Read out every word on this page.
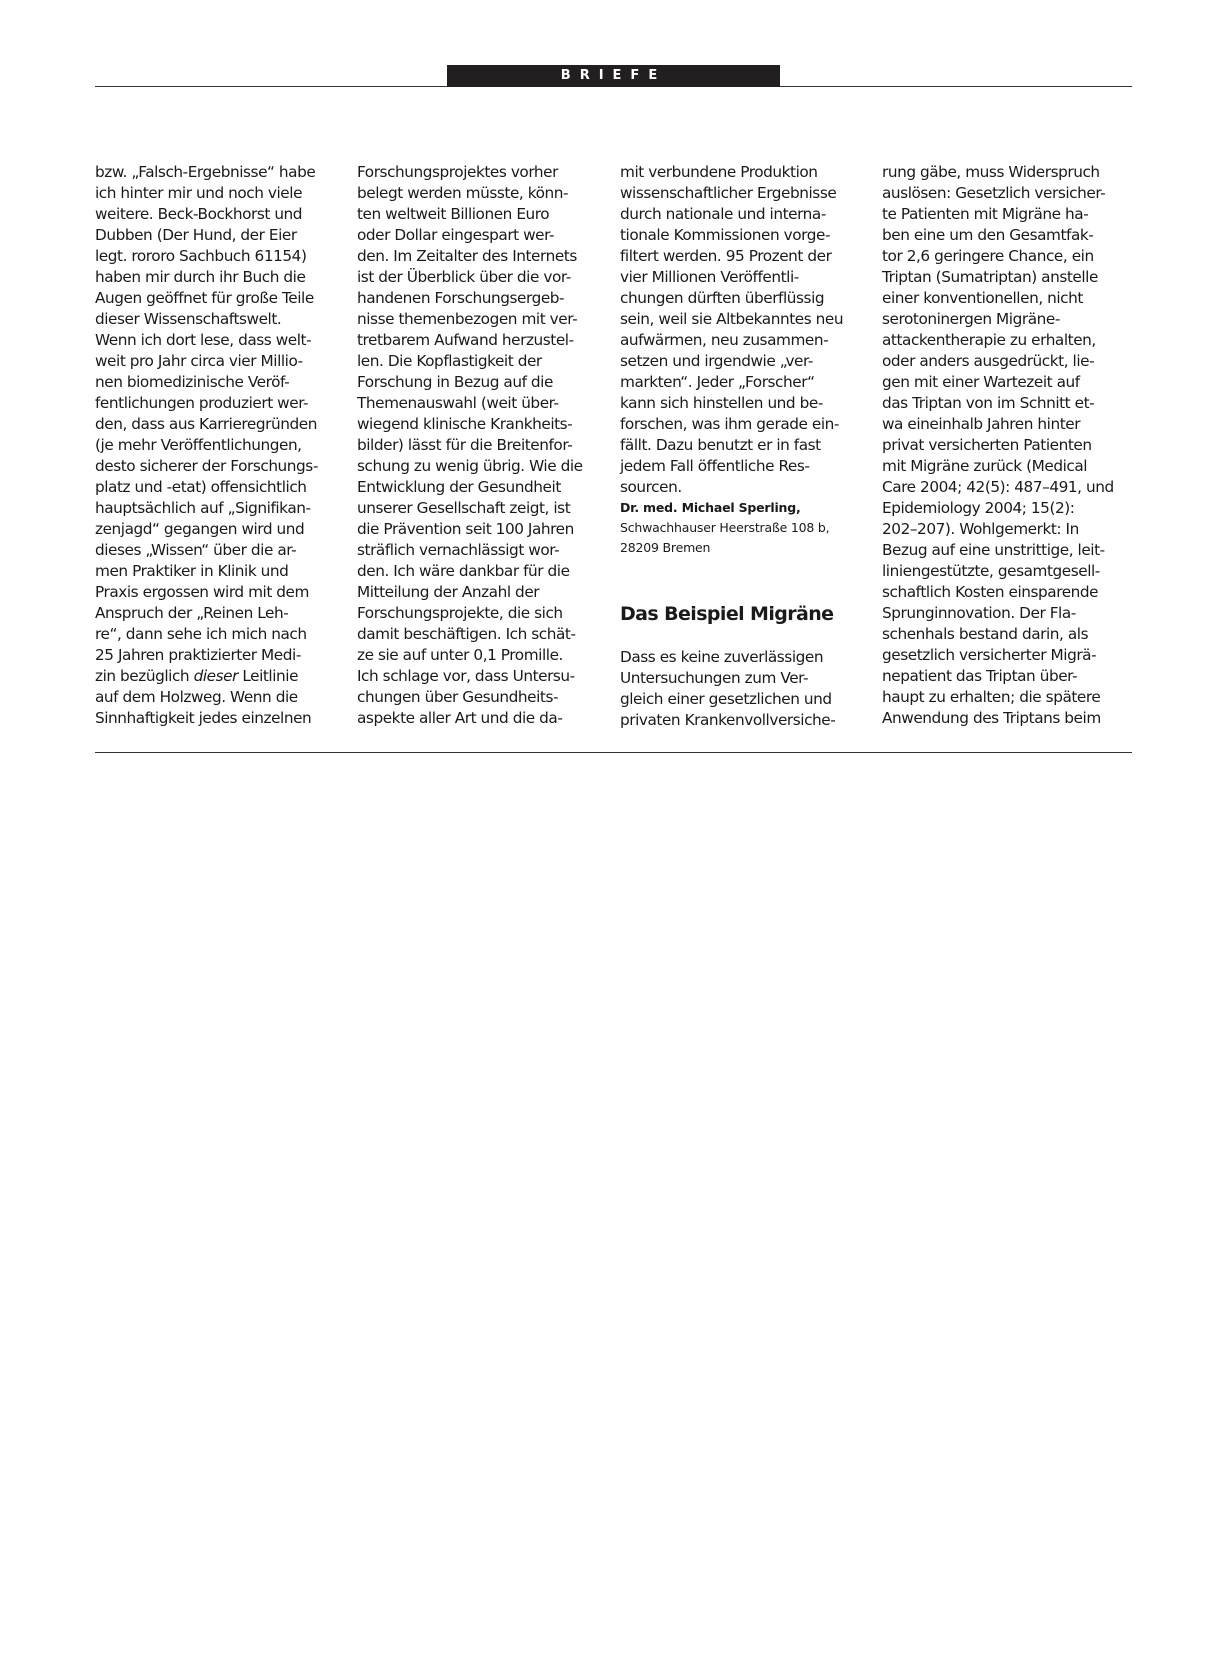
BRIEFE
bzw. „Falsch-Ergebnisse“ habe
ich hinter mir und noch viele
weitere. Beck-Bockhorst und
Dubben (Der Hund, der Eier
legt. rororo Sachbuch 61154)
haben mir durch ihr Buch die
Augen geöffnet für große Teile
dieser Wissenschaftswelt.
Wenn ich dort lese, dass welt-
weit pro Jahr circa vier Millio-
nen biomedizinische Veröf-
fentlichungen produziert wer-
den, dass aus Karrieregründen
(je mehr Veröffentlichungen,
desto sicherer der Forschungs-
platz und -etat) offensichtlich
hauptsächlich auf „Signifikan-
zenjagd“ gegangen wird und
dieses „Wissen“ über die ar-
men Praktiker in Klinik und
Praxis ergossen wird mit dem
Anspruch der „Reinen Leh-
re“, dann sehe ich mich nach
25 Jahren praktizierter Medi-
zin bezüglich dieser Leitlinie
auf dem Holzweg. Wenn die
Sinnhaftigkeit jedes einzelnen
Forschungsprojektes vorher
belegt werden müsste, könn-
ten weltweit Billionen Euro
oder Dollar eingespart wer-
den. Im Zeitalter des Internets
ist der Überblick über die vor-
handenen Forschungsergeb-
nisse themenbezogen mit ver-
tretbarem Aufwand herzustel-
len. Die Kopflastigkeit der
Forschung in Bezug auf die
Themenauswahl (weit über-
wiegend klinische Krankheits-
bilder) lässt für die Breitenfor-
schung zu wenig übrig. Wie die
Entwicklung der Gesundheit
unserer Gesellschaft zeigt, ist
die Prävention seit 100 Jahren
sträflich vernachlässigt wor-
den. Ich wäre dankbar für die
Mitteilung der Anzahl der
Forschungsprojekte, die sich
damit beschäftigen. Ich schät-
ze sie auf unter 0,1 Promille.
Ich schlage vor, dass Untersu-
chungen über Gesundheits-
aspekte aller Art und die da-
mit verbundene Produktion
wissenschaftlicher Ergebnisse
durch nationale und interna-
tionale Kommissionen vorge-
filtert werden. 95 Prozent der
vier Millionen Veröffentli-
chungen dürften überflüssig
sein, weil sie Altbekanntes neu
aufwärmen, neu zusammen-
setzen und irgendwie „ver-
markten“. Jeder „Forscher“
kann sich hinstellen und be-
forschen, was ihm gerade ein-
fällt. Dazu benutzt er in fast
jedem Fall öffentliche Res-
sourcen.
Dr. med. Michael Sperling,
Schwachhauser Heerstraße 108 b,
28209 Bremen
Das Beispiel Migräne
Dass es keine zuverlässigen
Untersuchungen zum Ver-
gleich einer gesetzlichen und
privaten Krankenvollversiche-
rung gäbe, muss Widerspruch
auslösen: Gesetzlich versicher-
te Patienten mit Migräne ha-
ben eine um den Gesamtfak-
tor 2,6 geringere Chance, ein
Triptan (Sumatriptan) anstelle
einer konventionellen, nicht
serotoninergen Migräne-
attackentherapie zu erhalten,
oder anders ausgedrückt, lie-
gen mit einer Wartezeit auf
das Triptan von im Schnitt et-
wa eineinhalb Jahren hinter
privat versicherten Patienten
mit Migräne zurück (Medical
Care 2004; 42(5): 487–491, und
Epidemiology 2004; 15(2):
202–207). Wohlgemerkt: In
Bezug auf eine unstrittige, leit-
liniengestützte, gesamtgesell-
schaftlich Kosten einsparende
Sprunginnovation. Der Fla-
schenhals bestand darin, als
gesetzlich versicherter Migrä-
nepatient das Triptan über-
haupt zu erhalten; die spätere
Anwendung des Triptans beim
